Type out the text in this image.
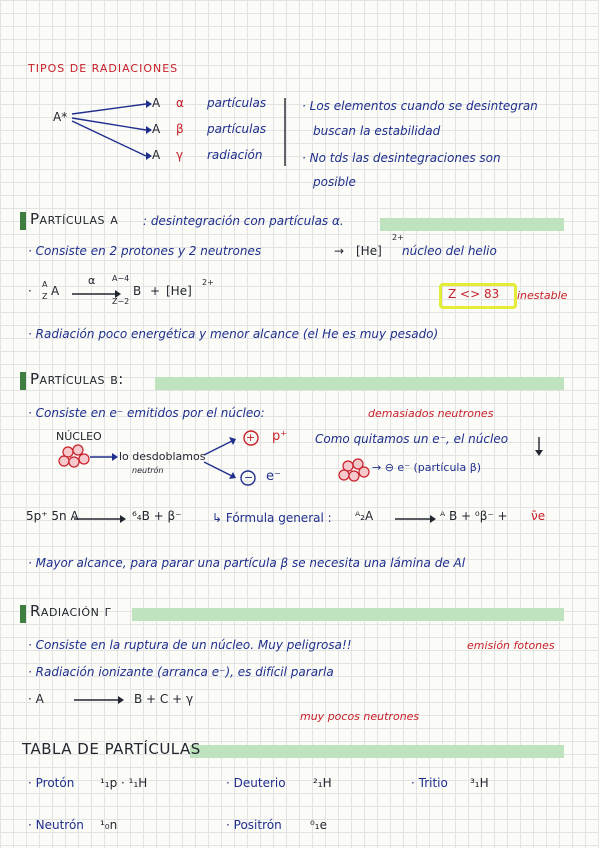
TIPOS DE RADIACIONES
A*
A α partículas
A β partículas
A γ radiación
· Los elementos cuando se desintegran
buscan la estabilidad
· No tds las desintegraciones son
posible
Partículas α : desintegración con partículas α.
· Consiste en 2 protones y 2 neutrones	→ [He]
2+
núcleo del helio
· A
Z A
α A−4
Z−2
B + [He]
2+
Z <> 83 inestable
· Radiación poco energética y menor alcance (el He es muy pesado)
Partículas β:
· Consiste en e⁻ emitidos por el núcleo:	demasiados neutrones
NÚCLEO	+
−
p⁺
e⁻
lo desdoblamos
neutrón
Como quitamos un e⁻, el núcleo
→ ⊖ e⁻ (partícula β)
5p⁺ 5n A	⁶₄B + β⁻	↳ Fórmula general : ᴬ₂A	ᴬ B + ⁰β⁻ + ν̄e
· Mayor alcance, para parar una partícula β se necesita una lámina de Al
Radiación γ
· Consiste en la ruptura de un núcleo. Muy peligrosa!!	emisión fotones
· Radiación ionizante (arranca e⁻), es difícil pararla
· A	B + C + γ
muy pocos neutrones
TABLA DE PARTÍCULAS
· Protón ¹₁p · ¹₁H	· Deuterio ²₁H	· Tritio ³₁H
· Neutrón ¹₀n	· Positrón ⁰₁e
